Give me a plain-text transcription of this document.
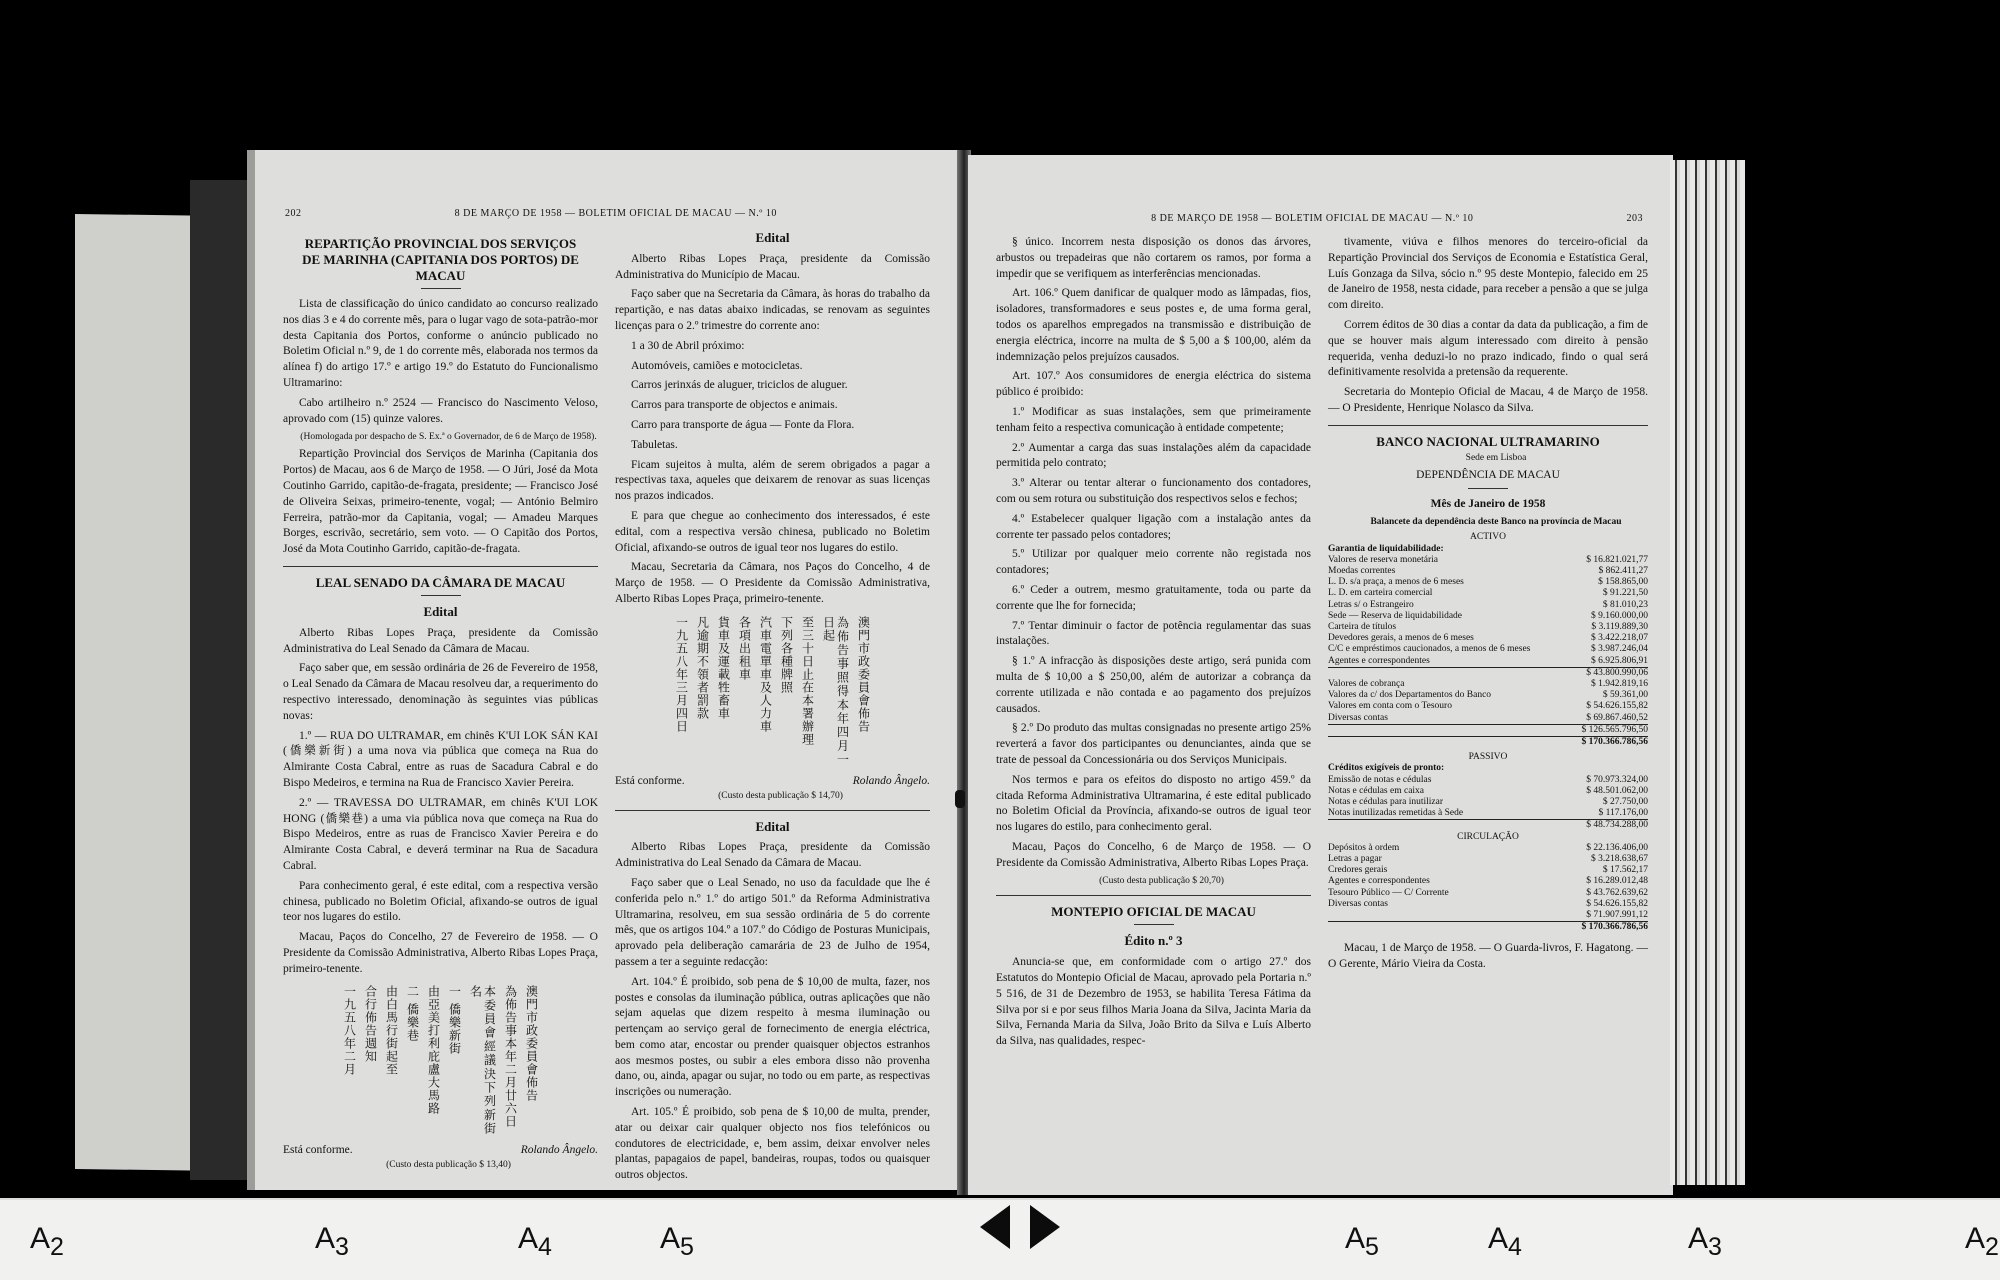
202	8 DE MARÇO DE 1958 — BOLETIM OFICIAL DE MACAU — N.º 10
REPARTIÇÃO PROVINCIAL DOS SERVIÇOS
DE MARINHA (CAPITANIA DOS PORTOS) DE MACAU

Lista de classificação do único candidato ao concurso realizado nos dias 3 e 4 do corrente mês, para o lugar vago de sota-patrão-mor desta Capitania dos Portos, conforme o anúncio publicado no Boletim Oficial n.º 9, de 1 do corrente mês, elaborada nos termos da alínea f) do artigo 17.º e artigo 19.º do Estatuto do Funcionalismo Ultramarino:

Cabo artilheiro n.º 2524 — Francisco do Nascimento Veloso, aprovado com (15) quinze valores.

(Homologada por despacho de S. Ex.ª o Governador, de 6 de Março de 1958).

Repartição Provincial dos Serviços de Marinha (Capitania dos Portos) de Macau, aos 6 de Março de 1958. — O Júri, José da Mota Coutinho Garrido, capitão-de-fragata, presidente; — Francisco José de Oliveira Seixas, primeiro-tenente, vogal; — António Belmiro Ferreira, patrão-mor da Capitania, vogal; — Amadeu Marques Borges, escrivão, secretário, sem voto. — O Capitão dos Portos, José da Mota Coutinho Garrido, capitão-de-fragata.

LEAL SENADO DA CÂMARA DE MACAU
Edital

Alberto Ribas Lopes Praça, presidente da Comissão Administrativa do Leal Senado da Câmara de Macau.

Faço saber que, em sessão ordinária de 26 de Fevereiro de 1958, o Leal Senado da Câmara de Macau resolveu dar, a requerimento do respectivo interessado, denominação às seguintes vias públicas novas:

1.º — RUA DO ULTRAMAR, em chinês K'UI LOK SÁN KAI (僑樂新街) a uma nova via pública que começa na Rua do Almirante Costa Cabral, entre as ruas de Sacadura Cabral e do Bispo Medeiros, e termina na Rua de Francisco Xavier Pereira.

2.º — TRAVESSA DO ULTRAMAR, em chinês K'UI LOK HONG (僑樂巷) a uma via pública nova que começa na Rua do Bispo Medeiros, entre as ruas de Francisco Xavier Pereira e do Almirante Costa Cabral, e deverá terminar na Rua de Sacadura Cabral.

Para conhecimento geral, é este edital, com a respectiva versão chinesa, publicado no Boletim Oficial, afixando-se outros de igual teor nos lugares do estilo.

Macau, Paços do Concelho, 27 de Fevereiro de 1958. — O Presidente da Comissão Administrativa, Alberto Ribas Lopes Praça, primeiro-tenente.

澳門市政委員會佈告
為佈告事本年二月廿六日
本委員會經議決下列新街名
一 僑樂新街
由亞美打利庇盧大馬路
二 僑樂巷
由白馬行街起至
合行佈告週知
一九五八年二月
Está conforme.	Rolando Ângelo.

(Custo desta publicação $ 13,40)

Edital

Alberto Ribas Lopes Praça, presidente da Comissão Administrativa do Município de Macau.

Faço saber que na Secretaria da Câmara, às horas do trabalho da repartição, e nas datas abaixo indicadas, se renovam as seguintes licenças para o 2.º trimestre do corrente ano:

1 a 30 de Abril próximo:

Automóveis, camiões e motocicletas.

Carros jerinxás de aluguer, triciclos de aluguer.

Carros para transporte de objectos e animais.

Carro para transporte de água — Fonte da Flora.

Tabuletas.

Ficam sujeitos à multa, além de serem obrigados a pagar a respectivas taxa, aqueles que deixarem de renovar as suas licenças nos prazos indicados.

E para que chegue ao conhecimento dos interessados, é este edital, com a respectiva versão chinesa, publicado no Boletim Oficial, afixando-se outros de igual teor nos lugares do estilo.

Macau, Secretaria da Câmara, nos Paços do Concelho, 4 de Março de 1958. — O Presidente da Comissão Administrativa, Alberto Ribas Lopes Praça, primeiro-tenente.

澳門市政委員會佈告
為佈告事照得本年四月一日起
至三十日止在本署辦理
下列各種牌照
汽車電單車及人力車
各項出租車
貨車及運載牲畜車
凡逾期不領者罰款
一九五八年三月四日
Está conforme.	Rolando Ângelo.

(Custo desta publicação $ 14,70)

Edital

Alberto Ribas Lopes Praça, presidente da Comissão Administrativa do Leal Senado da Câmara de Macau.

Faço saber que o Leal Senado, no uso da faculdade que lhe é conferida pelo n.º 1.º do artigo 501.º da Reforma Administrativa Ultramarina, resolveu, em sua sessão ordinária de 5 do corrente mês, que os artigos 104.º a 107.º do Código de Posturas Municipais, aprovado pela deliberação camarária de 23 de Julho de 1954, passem a ter a seguinte redacção:

Art. 104.º É proibido, sob pena de $ 10,00 de multa, fazer, nos postes e consolas da iluminação pública, outras aplicações que não sejam aquelas que dizem respeito à mesma iluminação ou pertençam ao serviço geral de fornecimento de energia eléctrica, bem como atar, encostar ou prender quaisquer objectos estranhos aos mesmos postes, ou subir a eles embora disso não provenha dano, ou, ainda, apagar ou sujar, no todo ou em parte, as respectivas inscrições ou numeração.

Art. 105.º É proibido, sob pena de $ 10,00 de multa, prender, atar ou deixar cair qualquer objecto nos fios telefónicos ou condutores de electricidade, e, bem assim, deixar envolver neles plantas, papagaios de papel, bandeiras, roupas, todos ou quaisquer outros objectos.

8 DE MARÇO DE 1958 — BOLETIM OFICIAL DE MACAU — N.º 10	203

§ único. Incorrem nesta disposição os donos das árvores, arbustos ou trepadeiras que não cortarem os ramos, por forma a impedir que se verifiquem as interferências mencionadas.

Art. 106.º Quem danificar de qualquer modo as lâmpadas, fios, isoladores, transformadores e seus postes e, de uma forma geral, todos os aparelhos empregados na transmissão e distribuição de energia eléctrica, incorre na multa de $ 5,00 a $ 100,00, além da indemnização pelos prejuízos causados.

Art. 107.º Aos consumidores de energia eléctrica do sistema público é proibido:

1.º Modificar as suas instalações, sem que primeiramente tenham feito a respectiva comunicação à entidade competente;

2.º Aumentar a carga das suas instalações além da capacidade permitida pelo contrato;

3.º Alterar ou tentar alterar o funcionamento dos contadores, com ou sem rotura ou substituição dos respectivos selos e fechos;

4.º Estabelecer qualquer ligação com a instalação antes da corrente ter passado pelos contadores;

5.º Utilizar por qualquer meio corrente não registada nos contadores;

6.º Ceder a outrem, mesmo gratuitamente, toda ou parte da corrente que lhe for fornecida;

7.º Tentar diminuir o factor de potência regulamentar das suas instalações.

§ 1.º A infracção às disposições deste artigo, será punida com multa de $ 10,00 a $ 250,00, além de autorizar a cobrança da corrente utilizada e não contada e ao pagamento dos prejuízos causados.

§ 2.º Do produto das multas consignadas no presente artigo 25% reverterá a favor dos participantes ou denunciantes, ainda que se trate de pessoal da Concessionária ou dos Serviços Municipais.

Nos termos e para os efeitos do disposto no artigo 459.º da citada Reforma Administrativa Ultramarina, é este edital publicado no Boletim Oficial da Província, afixando-se outros de igual teor nos lugares do estilo, para conhecimento geral.

Macau, Paços do Concelho, 6 de Março de 1958. — O Presidente da Comissão Administrativa, Alberto Ribas Lopes Praça.

(Custo desta publicação $ 20,70)

MONTEPIO OFICIAL DE MACAU
Édito n.º 3

Anuncia-se que, em conformidade com o artigo 27.º dos Estatutos do Montepio Oficial de Macau, aprovado pela Portaria n.º 5 516, de 31 de Dezembro de 1953, se habilita Teresa Fátima da Silva por si e por seus filhos Maria Joana da Silva, Jacinta Maria da Silva, Fernanda Maria da Silva, João Brito da Silva e Luís Alberto da Silva, nas qualidades, respec-

tivamente, viúva e filhos menores do terceiro-oficial da Repartição Provincial dos Serviços de Economia e Estatística Geral, Luís Gonzaga da Silva, sócio n.º 95 deste Montepio, falecido em 25 de Janeiro de 1958, nesta cidade, para receber a pensão a que se julga com direito.

Correm éditos de 30 dias a contar da data da publicação, a fim de que se houver mais algum interessado com direito à pensão requerida, venha deduzi-lo no prazo indicado, findo o qual será definitivamente resolvida a pretensão da requerente.

Secretaria do Montepio Oficial de Macau, 4 de Março de 1958. — O Presidente, Henrique Nolasco da Silva.

BANCO NACIONAL ULTRAMARINO

Sede em Lisboa

DEPENDÊNCIA DE MACAU

Mês de Janeiro de 1958

Balancete da dependência deste Banco na província de Macau

ACTIVO
Garantia de liquidabilidade:
Valores de reserva monetária	$ 16.821.021,77
Moedas correntes	$ 862.411,27
L. D. s/a praça, a menos de 6 meses	$ 158.865,00
L. D. em carteira comercial	$ 91.221,50
Letras s/ o Estrangeiro	$ 81.010,23
Sede — Reserva de liquidabilidade	$ 9.160.000,00
Carteira de títulos	$ 3.119.889,30
Devedores gerais, a menos de 6 meses	$ 3.422.218,07
C/C e empréstimos caucionados, a menos de 6 meses	$ 3.987.246,04
Agentes e correspondentes	$ 6.925.806,91
$ 43.800.990,06
Valores de cobrança	$ 1.942.819,16
Valores da c/ dos Departamentos do Banco	$ 59.361,00
Valores em conta com o Tesouro	$ 54.626.155,82
Diversas contas	$ 69.867.460,52
$ 126.565.796,50
$ 170.366.786,56
PASSIVO
Créditos exigíveis de pronto:
Emissão de notas e cédulas	$ 70.973.324,00
Notas e cédulas em caixa	$ 48.501.062,00
Notas e cédulas para inutilizar	$ 27.750,00
Notas inutilizadas remetidas à Sede	$ 117.176,00
$ 48.734.288,00
CIRCULAÇÃO
Depósitos à ordem	$ 22.136.406,00
Letras a pagar	$ 3.218.638,67
Credores gerais	$ 17.562,17
Agentes e correspondentes	$ 16.289.012,48
Tesouro Público — C/ Corrente	$ 43.762.639,62
Diversas contas	$ 54.626.155,82
$ 71.907.991,12
$ 170.366.786,56

Macau, 1 de Março de 1958. — O Guarda-livros, F. Hagatong. — O Gerente, Mário Vieira da Costa.

$A_2$	$A_3$	$A_4$	$A_5$	$A_5$	$A_4$	$A_3$	$A_2$
